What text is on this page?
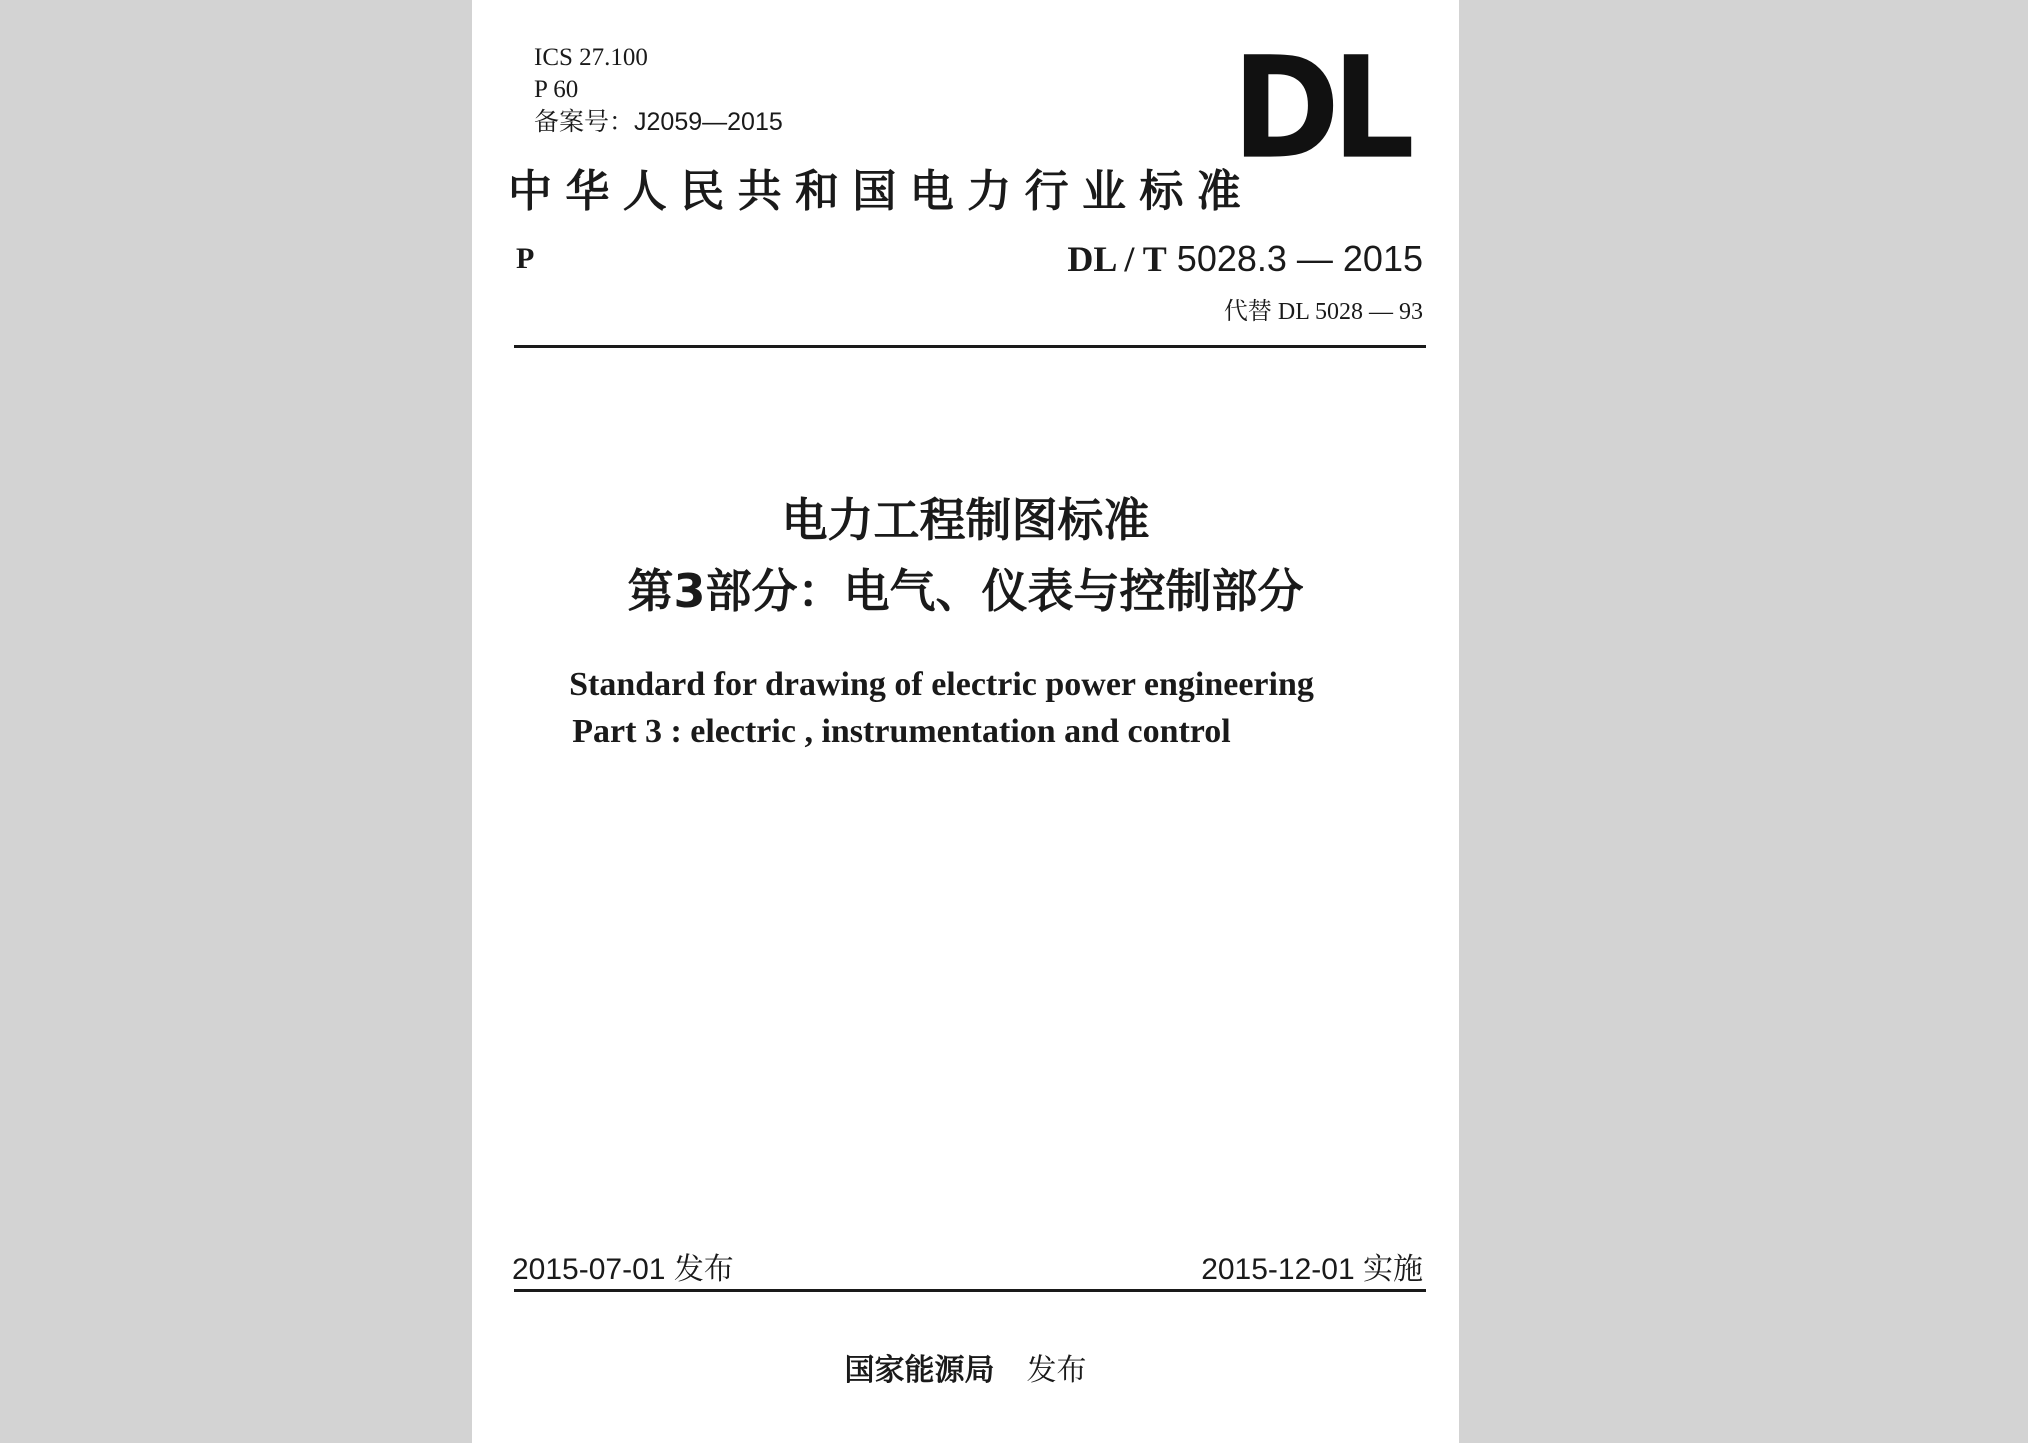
ICS 27.100
P 60
备案号：J2059—2015	DL
中华人民共和国电力行业标准
P	DL / T 5028.3 — 2015
代替 DL 5028 — 93
电力工程制图标准
第3部分：电气、仪表与控制部分
Standard for drawing of electric power engineering
Part 3 : electric , instrumentation and control
2015-07-01 发布	2015-12-01 实施
国家能源局 发布
